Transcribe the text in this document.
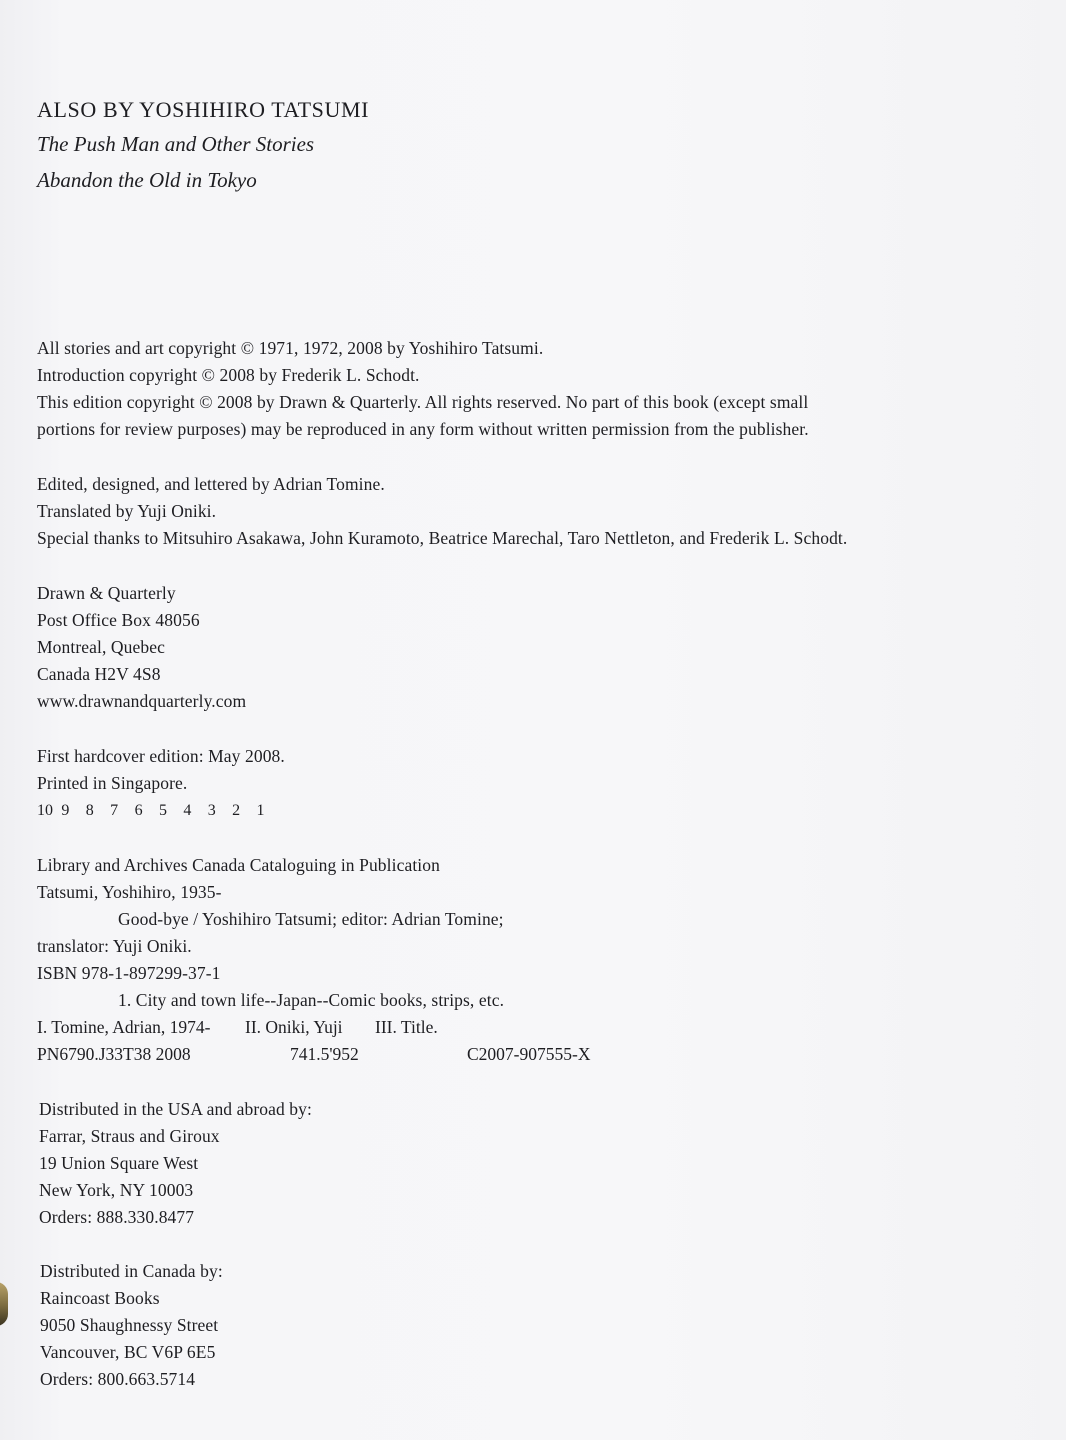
ALSO BY YOSHIHIRO TATSUMI
The Push Man and Other Stories
Abandon the Old in Tokyo
All stories and art copyright © 1971, 1972, 2008 by Yoshihiro Tatsumi.
Introduction copyright © 2008 by Frederik L. Schodt.
This edition copyright © 2008 by Drawn & Quarterly. All rights reserved. No part of this book (except small
portions for review purposes) may be reproduced in any form without written permission from the publisher.
Edited, designed, and lettered by Adrian Tomine.
Translated by Yuji Oniki.
Special thanks to Mitsuhiro Asakawa, John Kuramoto, Beatrice Marechal, Taro Nettleton, and Frederik L. Schodt.
Drawn & Quarterly
Post Office Box 48056
Montreal, Quebec
Canada H2V 4S8
www.drawnandquarterly.com
First hardcover edition: May 2008.
Printed in Singapore.
10 9 8 7 6 5 4 3 2 1
Library and Archives Canada Cataloguing in Publication
Tatsumi, Yoshihiro, 1935-
Good-bye / Yoshihiro Tatsumi; editor: Adrian Tomine;
translator: Yuji Oniki.
ISBN 978-1-897299-37-1
1. City and town life--Japan--Comic books, strips, etc.
I. Tomine, Adrian, 1974- II. Oniki, Yuji III. Title.
PN6790.J33T38 2008	741.5'952	C2007-907555-X
Distributed in the USA and abroad by:
Farrar, Straus and Giroux
19 Union Square West
New York, NY 10003
Orders: 888.330.8477
Distributed in Canada by:
Raincoast Books
9050 Shaughnessy Street
Vancouver, BC V6P 6E5
Orders: 800.663.5714
